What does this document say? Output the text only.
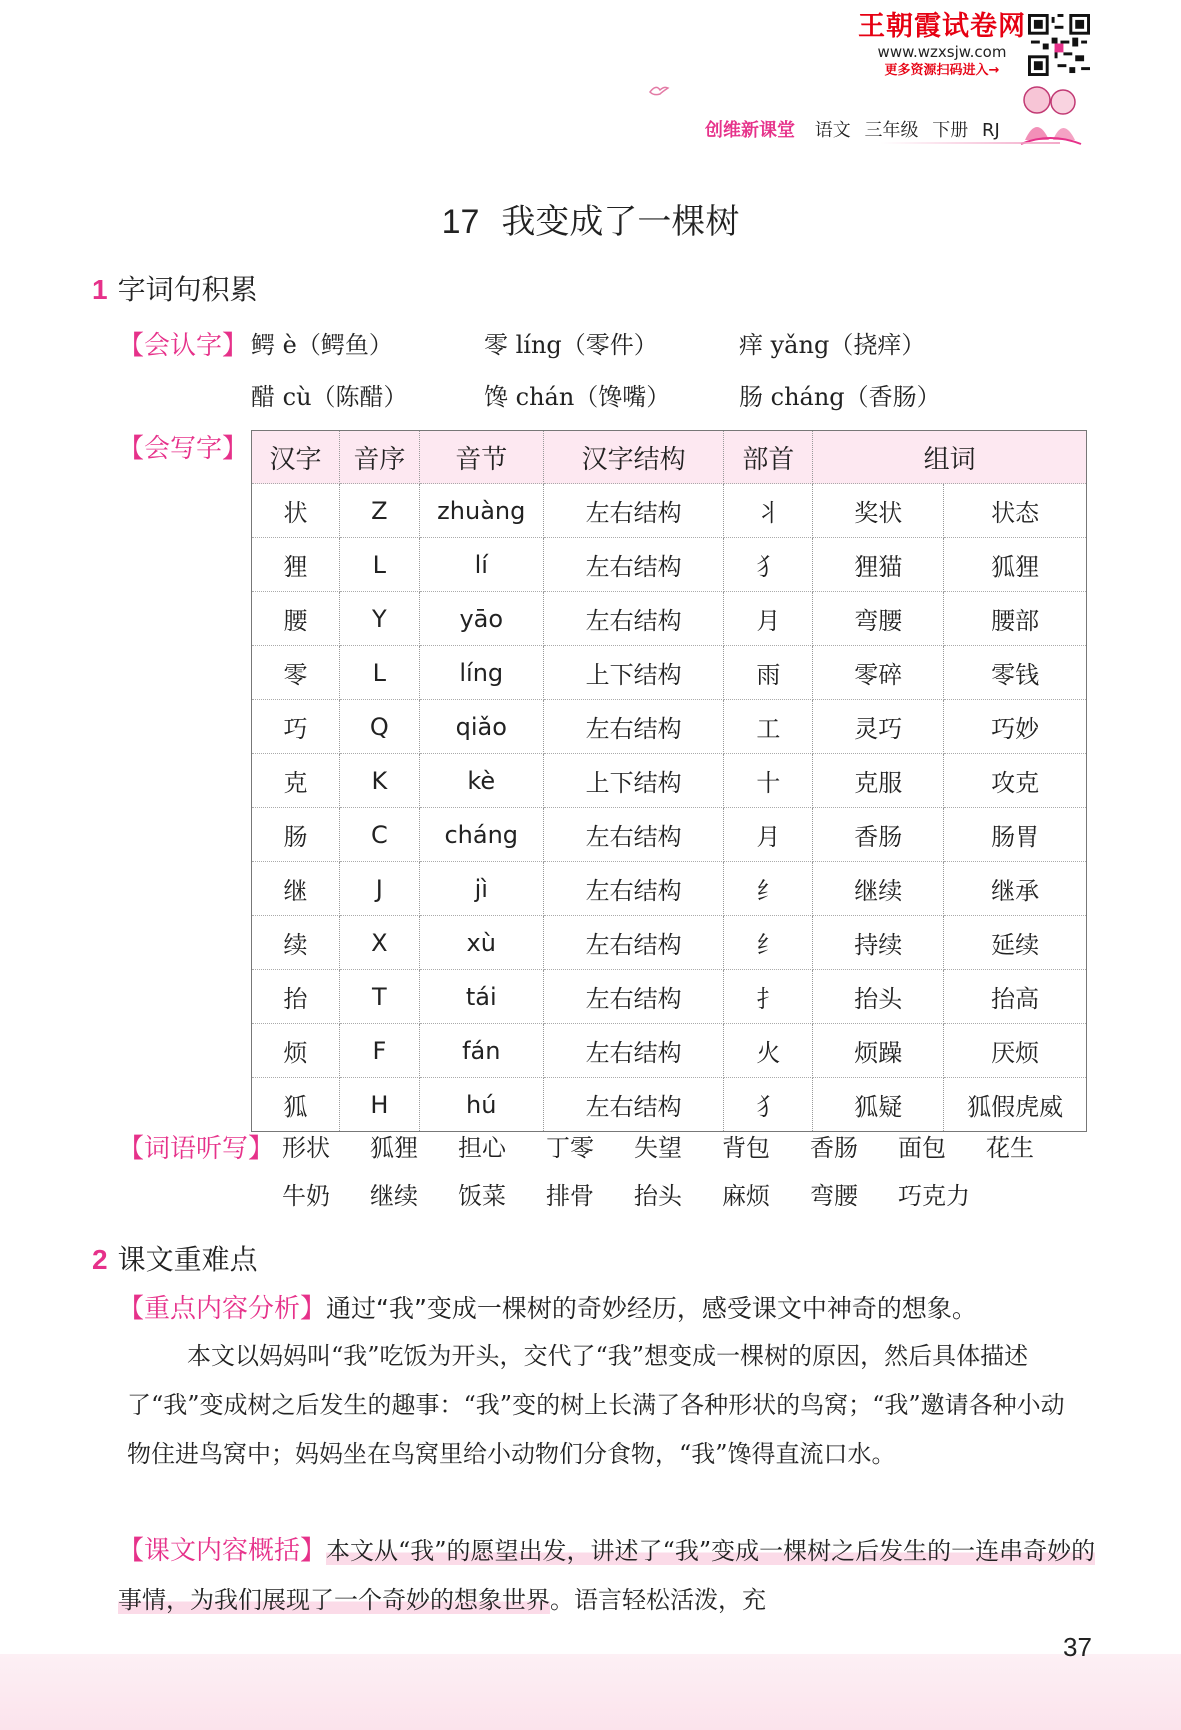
王朝霞试卷网
www.wzxsjw.com
更多资源扫码进入→
创维新课堂 语文 三年级 下册 RJ
17 我变成了一棵树
1 字词句积累
【会认字】 鳄 è（鳄鱼）	零 líng（零件）	痒 yǎng（挠痒）
醋 cù（陈醋）	馋 chán（馋嘴）	肠 cháng（香肠）
【会写字】 汉字	音序	音节	汉字结构	部首	组词	
状	Z	zhuàng	左右结构	丬	奖状	状态
狸	L	lí	左右结构	犭	狸猫	狐狸
腰	Y	yāo	左右结构	月	弯腰	腰部
零	L	líng	上下结构	雨	零碎	零钱
巧	Q	qiǎo	左右结构	工	灵巧	巧妙
克	K	kè	上下结构	十	克服	攻克
肠	C	cháng	左右结构	月	香肠	肠胃
继	J	jì	左右结构	纟	继续	继承
续	X	xù	左右结构	纟	持续	延续
抬	T	tái	左右结构	扌	抬头	抬高
烦	F	fán	左右结构	火	烦躁	厌烦
狐	H	hú	左右结构	犭	狐疑	狐假虎威
【词语听写】 形状 狐狸 担心 丁零 失望 背包 香肠 面包 花生
牛奶 继续 饭菜 排骨 抬头 麻烦 弯腰 巧克力
2 课文重难点
【重点内容分析】通过“我”变成一棵树的奇妙经历，感受课文中神奇的想象。
本文以妈妈叫“我”吃饭为开头，交代了“我”想变成一棵树的原因，然后具体描述了“我”变成树之后发生的趣事：“我”变的树上长满了各种形状的鸟窝；“我”邀请各种小动物住进鸟窝中；妈妈坐在鸟窝里给小动物们分食物，“我”馋得直流口水。
【课文内容概括】本文从“我”的愿望出发，讲述了“我”变成一棵树之后发生的一连串奇妙的事情，为我们展现了一个奇妙的想象世界。语言轻松活泼，充
37
